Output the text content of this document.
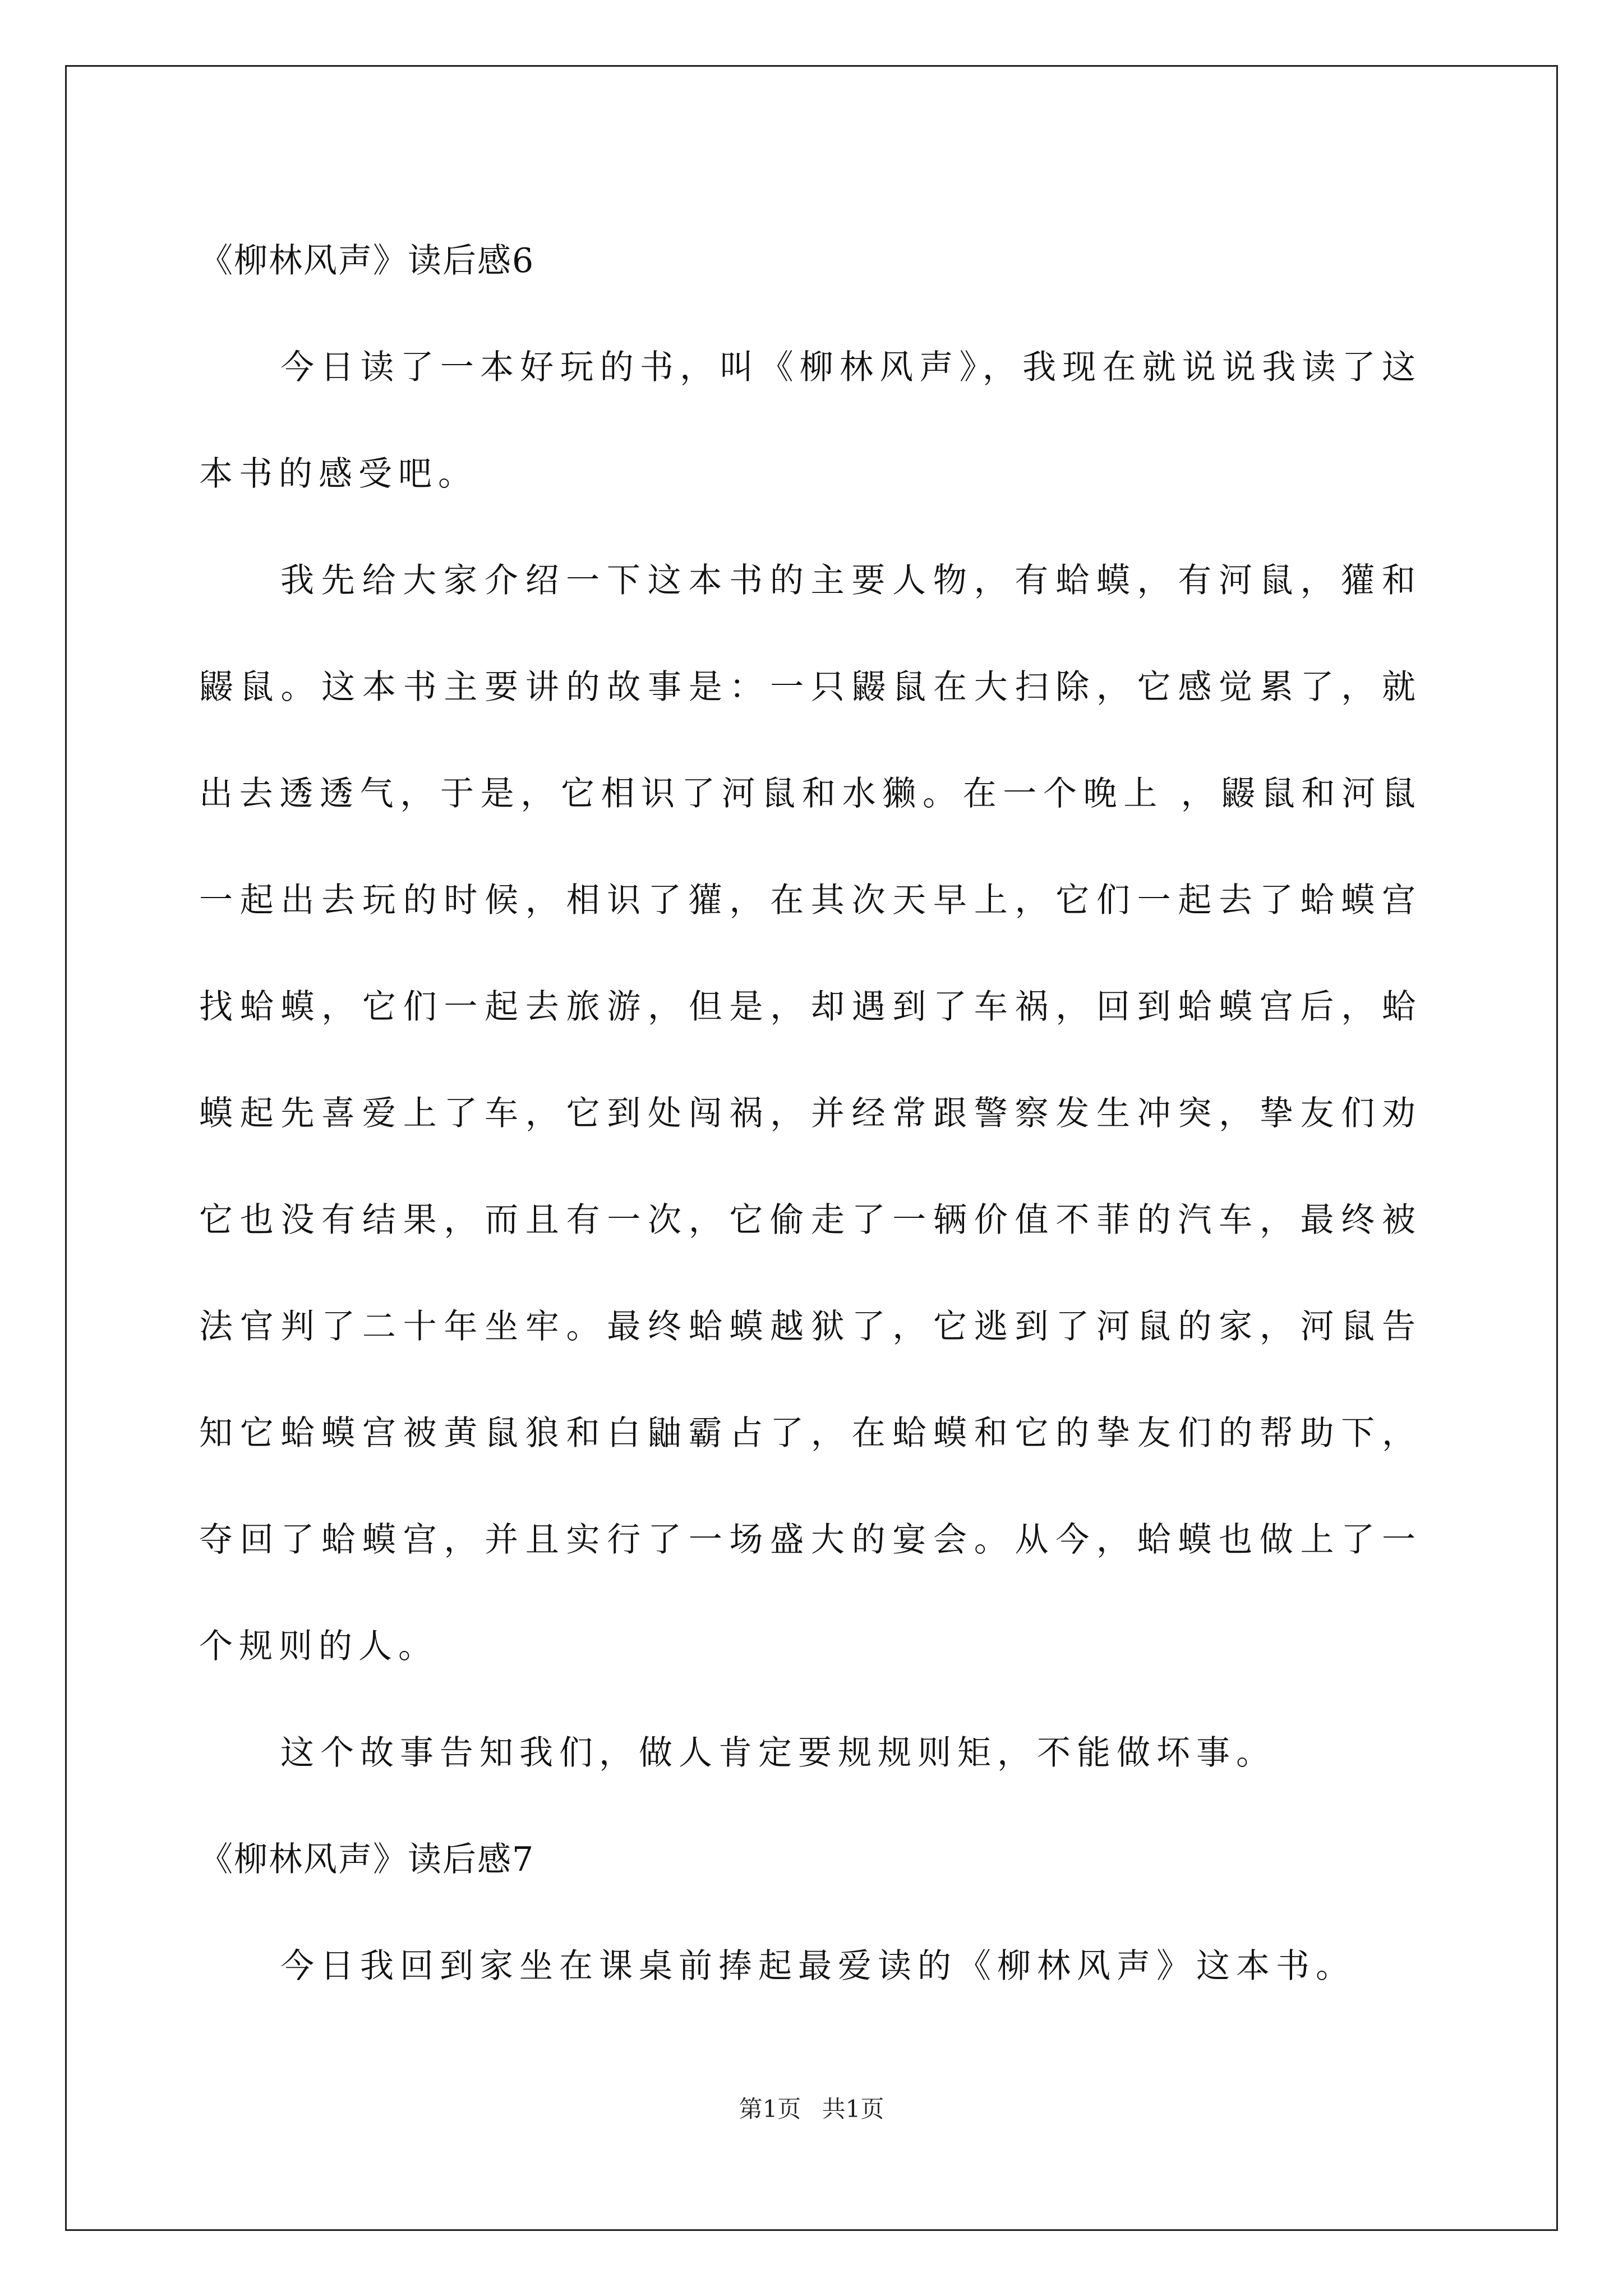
《柳林风声》读后感6

今日读了一本好玩的书，叫《柳林风声》，我现在就说说我读了这本书的感受吧。

我先给大家介绍一下这本书的主要人物，有蛤蟆，有河鼠，獾和鼹鼠。这本书主要讲的故事是：一只鼹鼠在大扫除，它感觉累了，就出去透透气，于是，它相识了河鼠和水獭。在一个晚上 ，鼹鼠和河鼠一起出去玩的时候，相识了獾，在其次天早上，它们一起去了蛤蟆宫找蛤蟆，它们一起去旅游，但是，却遇到了车祸，回到蛤蟆宫后，蛤蟆起先喜爱上了车，它到处闯祸，并经常跟警察发生冲突，挚友们劝它也没有结果，而且有一次，它偷走了一辆价值不菲的汽车，最终被法官判了二十年坐牢。最终蛤蟆越狱了，它逃到了河鼠的家，河鼠告知它蛤蟆宫被黄鼠狼和白鼬霸占了，在蛤蟆和它的挚友们的帮助下，夺回了蛤蟆宫，并且实行了一场盛大的宴会。从今，蛤蟆也做上了一个规则的人。

这个故事告知我们，做人肯定要规规则矩，不能做坏事。

《柳林风声》读后感7

今日我回到家坐在课桌前捧起最爱读的《柳林风声》这本书。

第1页 共1页
